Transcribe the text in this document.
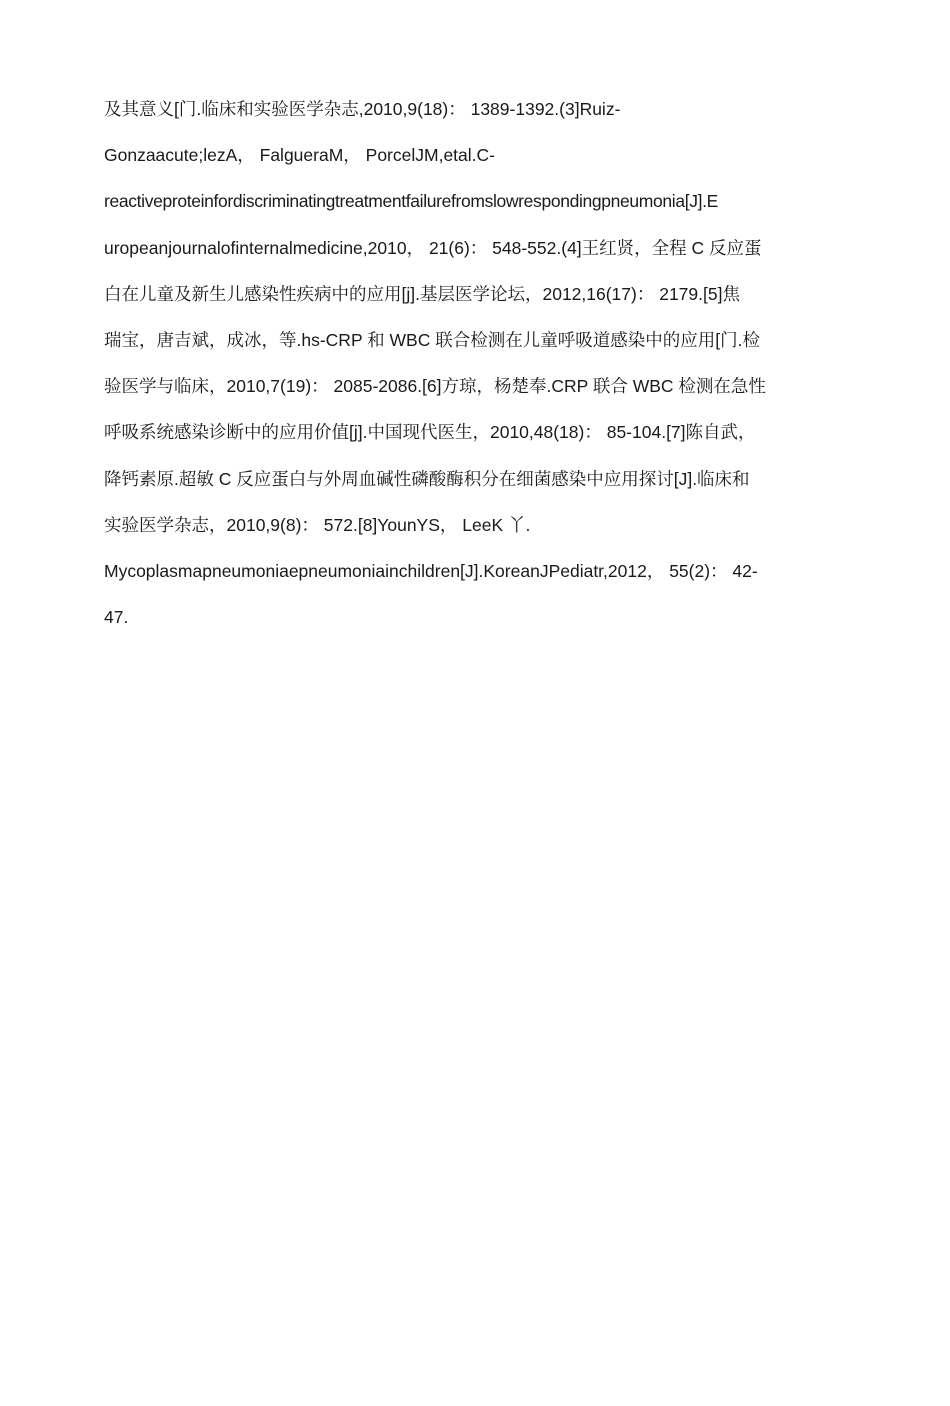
及其意义[门.临床和实验医学杂志,2010,9(18)： 1389-1392.(3]Ruiz-
Gonzaacute;lezA， FalgueraM， PorcelJM,etal.C-
reactiveproteinfordiscriminatingtreatmentfailurefromslowrespondingpneumonia[J].E
uropeanjournalofinternalmedicine,2010， 21(6)： 548-552.(4]王红贤，全程 C 反应蛋
白在儿童及新生儿感染性疾病中的应用[j].基层医学论坛，2012,16(17)： 2179.[5]焦
瑞宝，唐吉斌，成冰，等.hs-CRP 和 WBC 联合检测在儿童呼吸道感染中的应用[门.检
验医学与临床，2010,7(19)： 2085-2086.[6]方琼，杨楚奉.CRP 联合 WBC 检测在急性
呼吸系统感染诊断中的应用价值[j].中国现代医生，2010,48(18)： 85-104.[7]陈自武，
降钙素原.超敏 C 反应蛋白与外周血碱性磷酸酶积分在细菌感染中应用探讨[J].临床和
实验医学杂志，2010,9(8)： 572.[8]YounYS， LeeK 丫.
Mycoplasmapneumoniaepneumoniainchildren[J].KoreanJPediatr,2012， 55(2)： 42-
47.
